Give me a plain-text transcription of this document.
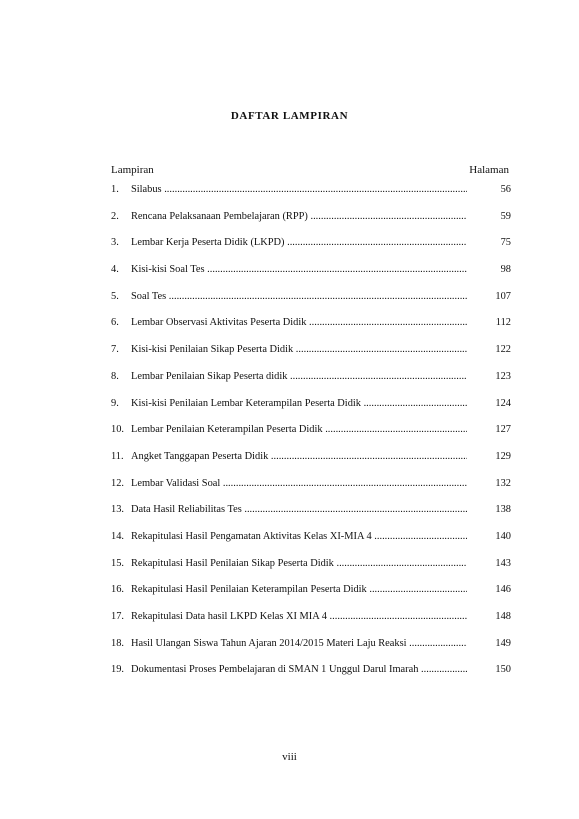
DAFTAR LAMPIRAN
Lampiran	Halaman
1. Silabus .....	56
2. Rencana Pelaksanaan Pembelajaran (RPP) .....	59
3. Lembar Kerja Peserta Didik (LKPD) .....	75
4. Kisi-kisi Soal Tes .....	98
5. Soal Tes .....	107
6. Lembar Observasi Aktivitas Peserta Didik .....	112
7. Kisi-kisi Penilaian Sikap Peserta Didik .....	122
8. Lembar Penilaian Sikap Peserta didik .....	123
9. Kisi-kisi Penilaian Lembar Keterampilan Peserta Didik .....	124
10. Lembar Penilaian Keterampilan Peserta Didik .....	127
11. Angket Tanggapan Peserta Didik .....	129
12. Lembar Validasi Soal .....	132
13. Data Hasil Reliabilitas Tes .....	138
14. Rekapitulasi Hasil Pengamatan Aktivitas Kelas XI-MIA 4 .....	140
15. Rekapitulasi Hasil Penilaian Sikap Peserta Didik .....	143
16. Rekapitulasi Hasil Penilaian Keterampilan Peserta Didik .....	146
17. Rekapitulasi Data hasil LKPD Kelas XI MIA 4 .....	148
18. Hasil Ulangan Siswa Tahun Ajaran 2014/2015 Materi Laju Reaksi .....	149
19. Dokumentasi Proses Pembelajaran di SMAN 1 Unggul Darul Imarah .....	150
viii
